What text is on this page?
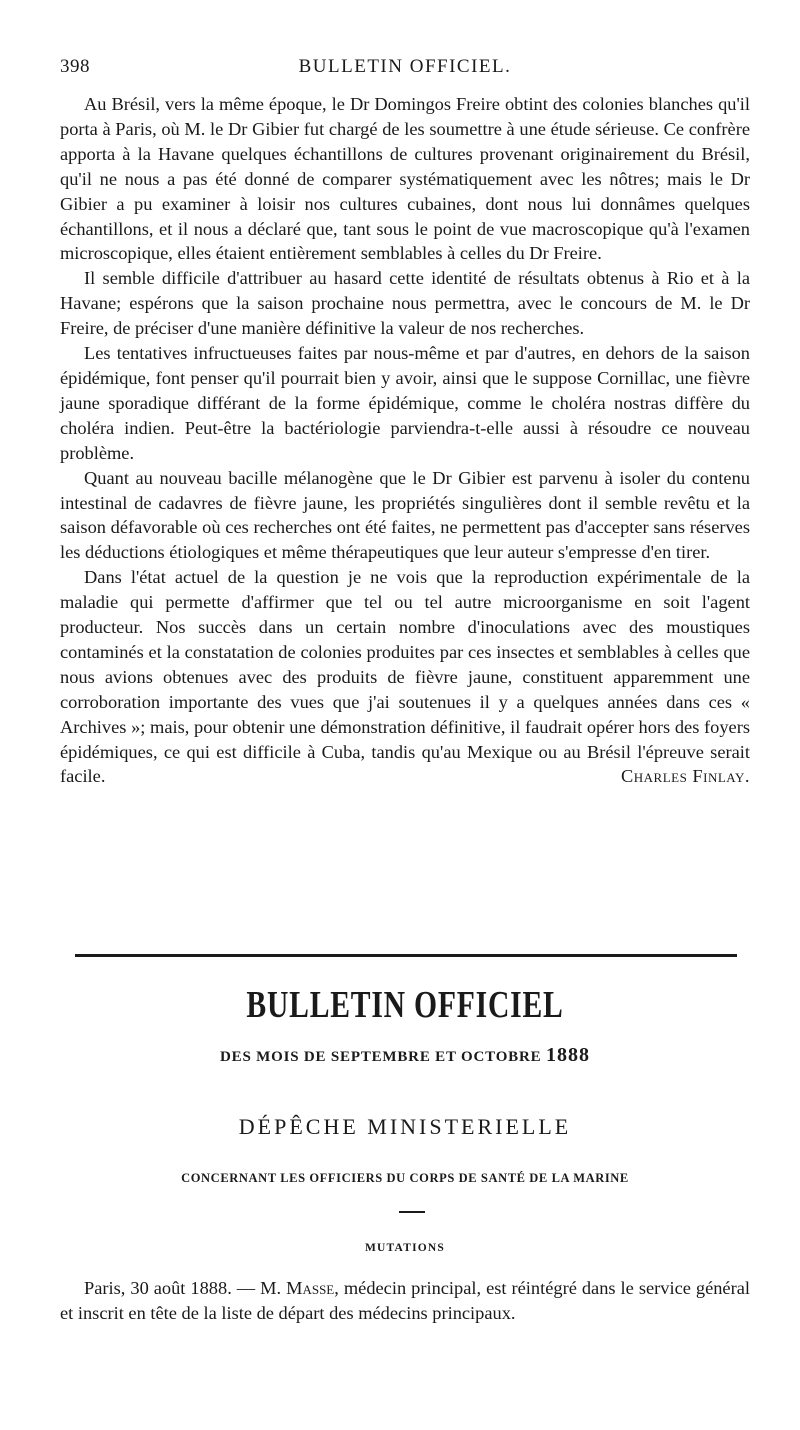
398	BULLETIN OFFICIEL.

Au Brésil, vers la même époque, le Dr Domingos Freire obtint des colonies blanches qu'il porta à Paris, où M. le Dr Gibier fut chargé de les soumettre à une étude sérieuse. Ce confrère apporta à la Havane quelques échantillons de cultures provenant originairement du Brésil, qu'il ne nous a pas été donné de comparer systématiquement avec les nôtres; mais le Dr Gibier a pu examiner à loisir nos cultures cubaines, dont nous lui donnâmes quelques échantillons, et il nous a déclaré que, tant sous le point de vue macroscopique qu'à l'examen microscopique, elles étaient entièrement semblables à celles du Dr Freire.

Il semble difficile d'attribuer au hasard cette identité de résultats obtenus à Rio et à la Havane; espérons que la saison prochaine nous permettra, avec le concours de M. le Dr Freire, de préciser d'une manière définitive la valeur de nos recherches.

Les tentatives infructueuses faites par nous-même et par d'autres, en dehors de la saison épidémique, font penser qu'il pourrait bien y avoir, ainsi que le suppose Cornillac, une fièvre jaune sporadique différant de la forme épidémique, comme le choléra nostras diffère du choléra indien. Peut-être la bactériologie parviendra-t-elle aussi à résoudre ce nouveau problème.

Quant au nouveau bacille mélanogène que le Dr Gibier est parvenu à isoler du contenu intestinal de cadavres de fièvre jaune, les propriétés singulières dont il semble revêtu et la saison défavorable où ces recherches ont été faites, ne permettent pas d'accepter sans réserves les déductions étiologiques et même thérapeutiques que leur auteur s'empresse d'en tirer.

Dans l'état actuel de la question je ne vois que la reproduction expérimentale de la maladie qui permette d'affirmer que tel ou tel autre microorganisme en soit l'agent producteur. Nos succès dans un certain nombre d'inoculations avec des moustiques contaminés et la constatation de colonies produites par ces insectes et semblables à celles que nous avions obtenues avec des produits de fièvre jaune, constituent apparemment une corroboration importante des vues que j'ai soutenues il y a quelques années dans ces « Archives »; mais, pour obtenir une démonstration définitive, il faudrait opérer hors des foyers épidémiques, ce qui est difficile à Cuba, tandis qu'au Mexique ou au Brésil l'épreuve serait facile.	Charles Finlay.

BULLETIN OFFICIEL
DES MOIS DE SEPTEMBRE ET OCTOBRE 1888
DÉPÊCHE MINISTERIELLE
CONCERNANT LES OFFICIERS DU CORPS DE SANTÉ DE LA MARINE
MUTATIONS

Paris, 30 août 1888. — M. Masse, médecin principal, est réintégré dans le service général et inscrit en tête de la liste de départ des médecins principaux.
